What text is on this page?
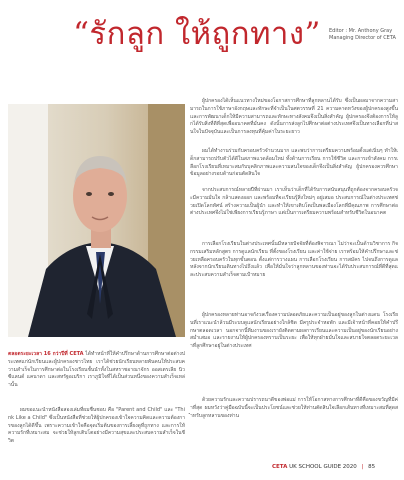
“รักลูก ให้ถูกทาง” Editor : Mr. Anthony Gray
Managing Director of CETA

ผู้ปกครองได้เห็นแนวทางใหม่ของโอกาสการศึกษาที่ลูกหลานได้รับ ซึ่งเป็นผลมาจากความสามารถในการใช้ภาษาอังกฤษและทักษะที่จำเป็นในศตวรรษที่ 21 ความคาดหวังของผู้ปกครองสูงขึ้นและการพัฒนาเด็กให้มีความสามารถและทักษะทางสังคมจึงเป็นสิ่งสำคัญ ผู้ปกครองจึงต้องการให้ลูกได้รับสิ่งที่ดีที่สุดเพื่ออนาคตที่มั่นคง ดังนั้นการส่งลูกไปศึกษาต่อต่างประเทศจึงเป็นทางเลือกที่น่าสนใจในปัจจุบันและเป็นการลงทุนที่คุ้มค่าในระยะยาว

ผมได้ทำงานร่วมกับครอบครัวจำนวนมาก และพบว่าการเตรียมความพร้อมตั้งแต่เนิ่นๆ ทำให้เด็กสามารถปรับตัวได้ดีในสภาพแวดล้อมใหม่ ทั้งด้านการเรียน การใช้ชีวิต และการเข้าสังคม การเลือกโรงเรียนที่เหมาะสมกับบุคลิกภาพและความสนใจของเด็กจึงเป็นสิ่งสำคัญ ผู้ปกครองควรศึกษาข้อมูลอย่างรอบด้านก่อนตัดสินใจ

จากประสบการณ์หลายปีที่ผ่านมา เราเห็นว่าเด็กที่ได้รับการสนับสนุนที่ถูกต้องจากครอบครัวจะมีความมั่นใจ กล้าแสดงออก และพร้อมที่จะเรียนรู้สิ่งใหม่ๆ อยู่เสมอ ประสบการณ์ในต่างประเทศช่วยเปิดโลกทัศน์ สร้างความเป็นผู้นำ และทำให้เขาเติบโตเป็นพลเมืองโลกที่มีคุณภาพ การศึกษาต่อต่างประเทศจึงไม่ใช่เพียงการเรียนรู้ภาษา แต่เป็นการเตรียมความพร้อมสำหรับชีวิตในอนาคต

การเลือกโรงเรียนในต่างประเทศนั้นมีหลายปัจจัยที่ต้องพิจารณา ไม่ว่าจะเป็นด้านวิชาการ กิจกรรมเสริมหลักสูตร การดูแลนักเรียน ที่ตั้งของโรงเรียน และค่าใช้จ่าย เราพร้อมให้คำปรึกษาและช่วยเหลือครอบครัวในทุกขั้นตอน ตั้งแต่การวางแผน การเลือกโรงเรียน การสมัคร ไปจนถึงการดูแลหลังจากนักเรียนเดินทางไปถึงแล้ว เพื่อให้มั่นใจว่าลูกหลานของท่านจะได้รับประสบการณ์ที่ดีที่สุดและประสบความสำเร็จตามเป้าหมาย

ผู้ปกครองหลายท่านอาจกังวลเรื่องความปลอดภัยและความเป็นอยู่ของลูกในต่างแดน โรงเรียนที่เราแนะนำล้วนมีระบบดูแลนักเรียนอย่างใกล้ชิด มีครูประจำหอพัก และมีเจ้าหน้าที่คอยให้คำปรึกษาตลอดเวลา นอกจากนี้ทีมงานของเรายังติดตามผลการเรียนและความเป็นอยู่ของนักเรียนอย่างสม่ำเสมอ และรายงานให้ผู้ปกครองทราบเป็นระยะ เพื่อให้ทุกฝ่ายมั่นใจและสบายใจตลอดระยะเวลาที่ลูกศึกษาอยู่ในต่างประเทศ

ด้วยความรักและความปรารถนาดีของพ่อแม่ การให้โอกาสทางการศึกษาที่ดีคือของขวัญที่มีค่าที่สุด ผมหวังว่าคู่มือฉบับนี้จะเป็นประโยชน์และช่วยให้ท่านตัดสินใจเลือกเส้นทางที่เหมาะสมที่สุดสำหรับลูกหลานของท่าน

ตลอดระยะเวลา 16 กว่าปีที่ CETA ได้ทำหน้าที่ให้คำปรึกษาด้านการศึกษาต่อต่างประเทศแก่นักเรียนและผู้ปกครองชาวไทย เราได้ช่วยนักเรียนหลายพันคนให้ประสบความสำเร็จในการศึกษาต่อในโรงเรียนชั้นนำทั้งในสหราชอาณาจักร ออสเตรเลีย นิวซีแลนด์ แคนาดา และสหรัฐอเมริกา เราภูมิใจที่ได้เป็นส่วนหนึ่งของความสำเร็จเหล่านั้น

ผมขอแนะนำหนังสือสองเล่มที่ผมชื่นชอบ คือ "Parent and Child" และ "Think Like a Child" ซึ่งเป็นหนังสือที่ช่วยให้ผู้ปกครองเข้าใจความคิดและความต้องการของลูกได้ดีขึ้น เพราะความเข้าใจคือจุดเริ่มต้นของการเลี้ยงดูที่ถูกทาง และการให้ความรักที่เหมาะสม จะช่วยให้ลูกเติบโตอย่างมีความสุขและประสบความสำเร็จในชีวิต

CETA UK SCHOOL GUIDE 2020 | 85
